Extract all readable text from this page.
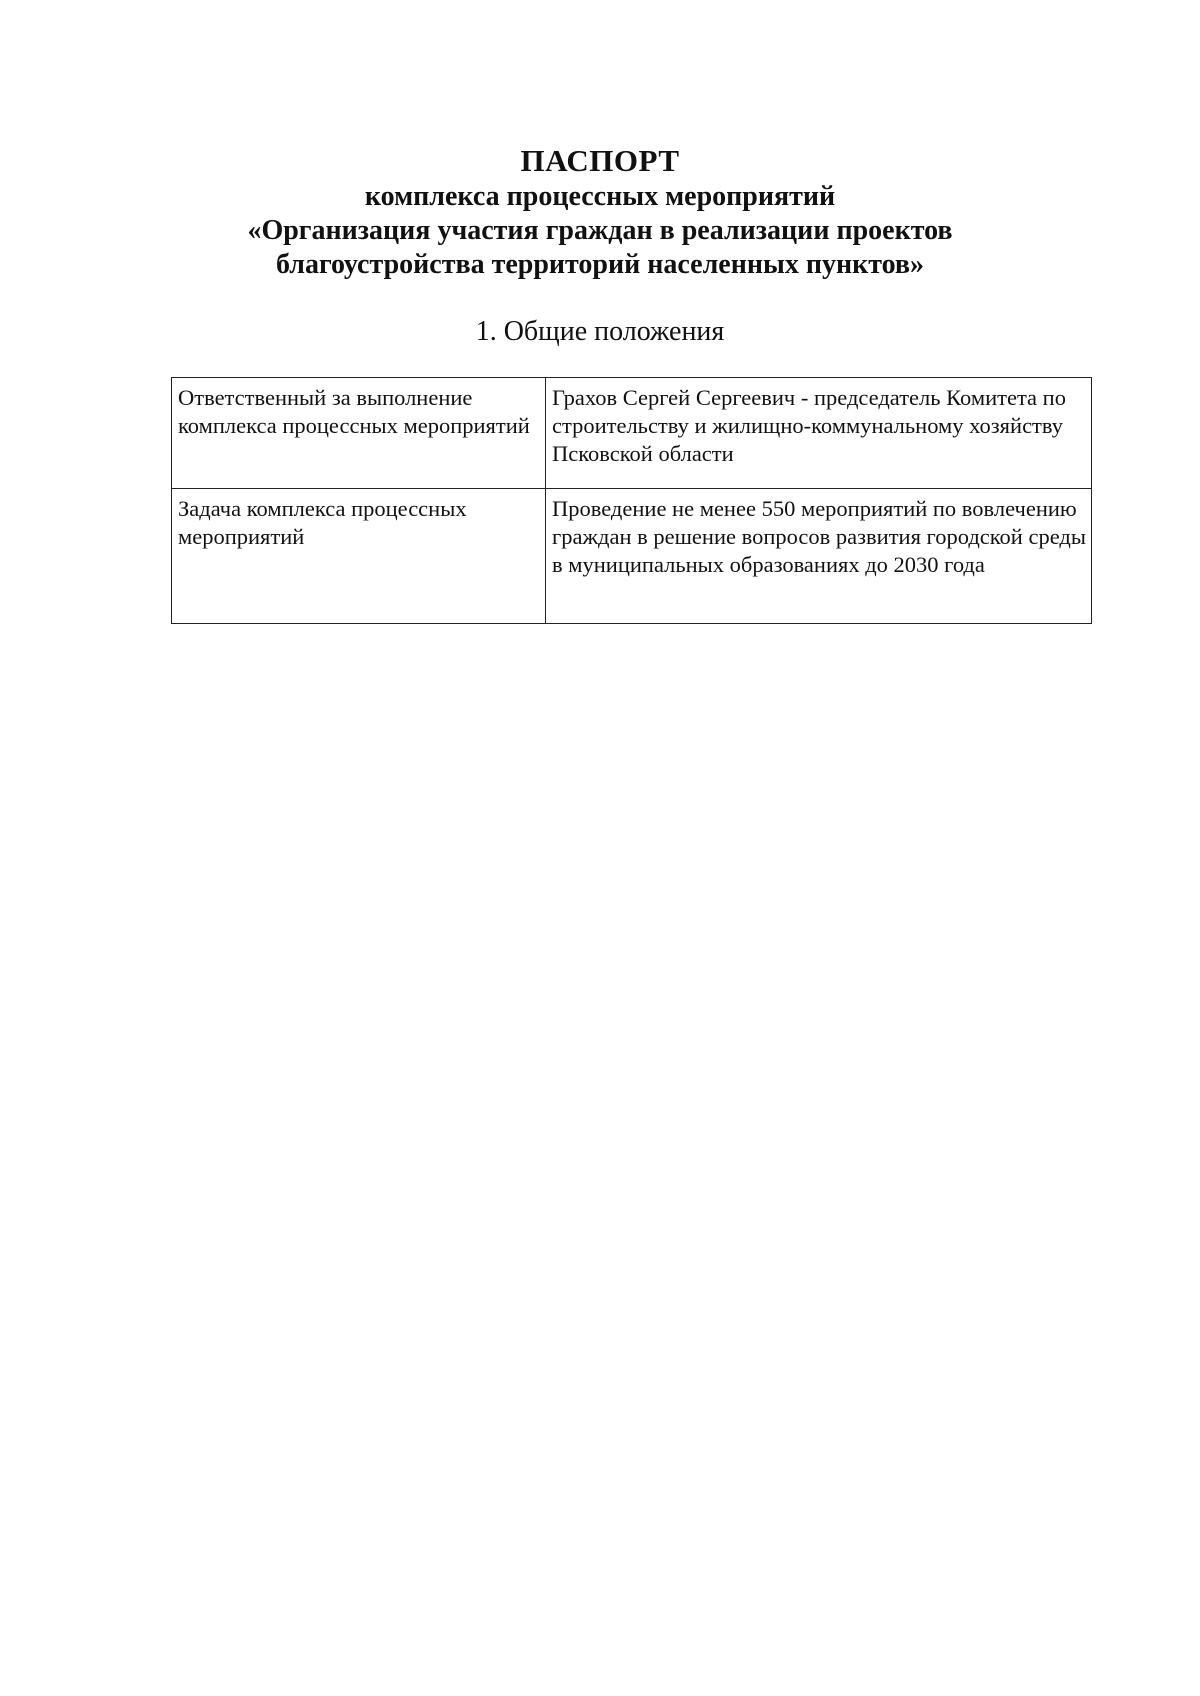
ПАСПОРТ

комплекса процессных мероприятий

«Организация участия граждан в реализации проектов

благоустройства территорий населенных пунктов»

1. Общие положения
Ответственный за выполнение комплекса процессных мероприятий	Грахов Сергей Сергеевич - председатель Комитета по строительству и жилищно-коммунальному хозяйству Псковской области
Задача комплекса процессных мероприятий	Проведение не менее 550 мероприятий по вовлечению граждан в решение вопросов развития городской среды в муниципальных образованиях до 2030 года
